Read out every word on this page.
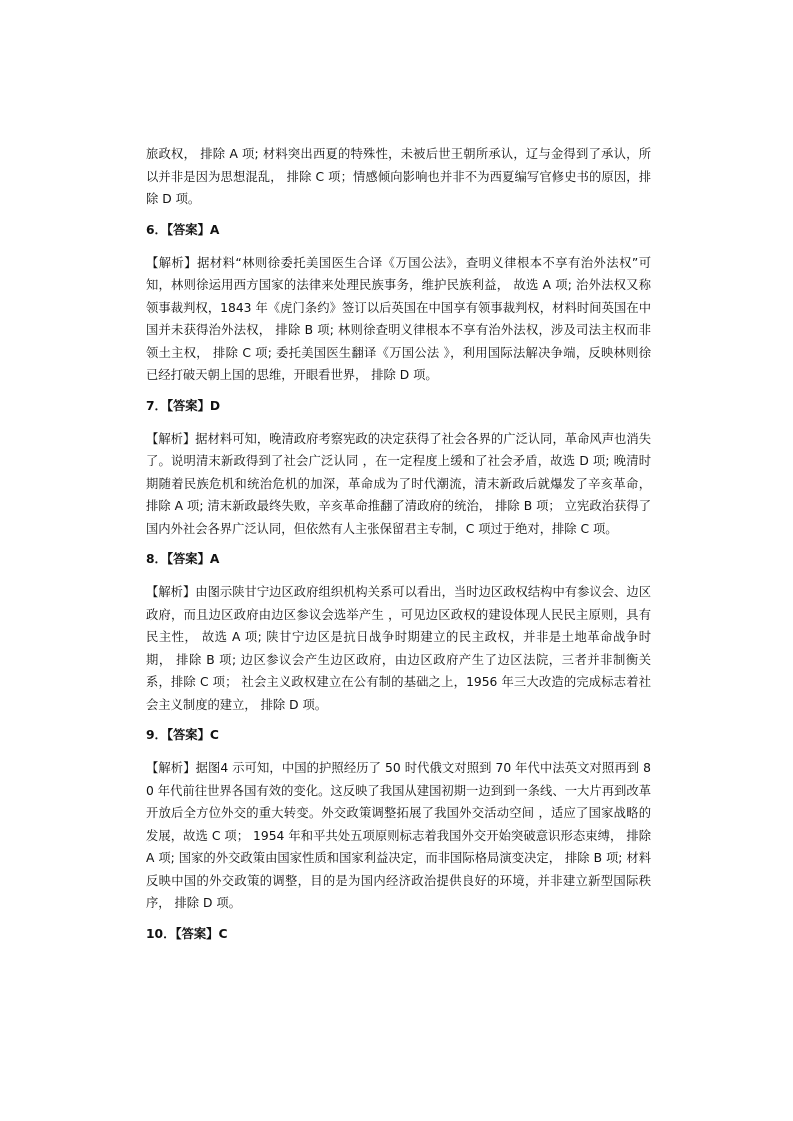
旅政权， 排除 A 项; 材料突出西夏的特殊性，未被后世王朝所承认，辽与金得到了承认，所以并非是因为思想混乱， 排除 C 项；情感倾向影响也并非不为西夏编写官修史书的原因，排除 D 项。

6．【答案】A

【解析】据材料“林则徐委托美国医生合译《万国公法》，查明义律根本不享有治外法权”可知，林则徐运用西方国家的法律来处理民族事务，维护民族利益， 故选 A 项; 治外法权又称领事裁判权，1843 年《虎门条约》签订以后英国在中国享有领事裁判权，材料时间英国在中国并未获得治外法权， 排除 B 项; 林则徐查明义律根本不享有治外法权，涉及司法主权而非领土主权， 排除 C 项; 委托美国医生翻译《万国公法 》，利用国际法解决争端，反映林则徐已经打破天朝上国的思维，开眼看世界， 排除 D 项。

7．【答案】D

【解析】据材料可知，晚清政府考察宪政的决定获得了社会各界的广泛认同，革命风声也消失了。说明清末新政得到了社会广泛认同 ，在一定程度上缓和了社会矛盾，故选 D 项; 晚清时期随着民族危机和统治危机的加深，革命成为了时代潮流，清末新政后就爆发了辛亥革命， 排除 A 项; 清末新政最终失败，辛亥革命推翻了清政府的统治， 排除 B 项； 立宪政治获得了国内外社会各界广泛认同，但依然有人主张保留君主专制，C 项过于绝对，排除 C 项。

8．【答案】A

【解析】由图示陕甘宁边区政府组织机构关系可以看出，当时边区政权结构中有参议会、边区政府，而且边区政府由边区参议会选举产生 ，可见边区政权的建设体现人民民主原则，具有民主性， 故选 A 项; 陕甘宁边区是抗日战争时期建立的民主政权，并非是土地革命战争时期， 排除 B 项; 边区参议会产生边区政府，由边区政府产生了边区法院，三者并非制衡关系，排除 C 项； 社会主义政权建立在公有制的基础之上，1956 年三大改造的完成标志着社会主义制度的建立， 排除 D 项。

9．【答案】C

【解析】据图4 示可知，中国的护照经历了 50 时代俄文对照到 70 年代中法英文对照再到 80 年代前往世界各国有效的变化。这反映了我国从建国初期一边到到一条线、一大片再到改革开放后全方位外交的重大转变。外交政策调整拓展了我国外交活动空间 ，适应了国家战略的发展，故选 C 项； 1954 年和平共处五项原则标志着我国外交开始突破意识形态束缚， 排除 A 项; 国家的外交政策由国家性质和国家利益决定，而非国际格局演变决定， 排除 B 项; 材料反映中国的外交政策的调整，目的是为国内经济政治提供良好的环境，并非建立新型国际秩序， 排除 D 项。

10．【答案】C
